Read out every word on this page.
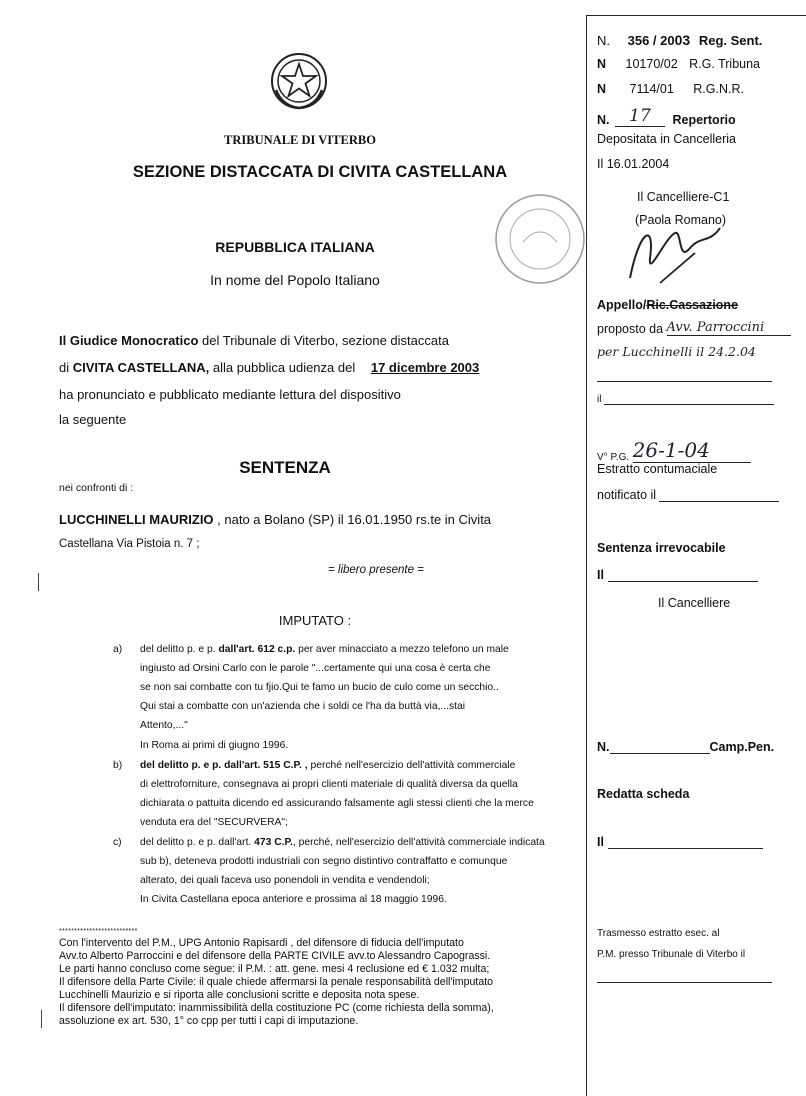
TRIBUNALE DI VITERBO
SEZIONE DISTACCATA DI CIVITA CASTELLANA
REPUBBLICA ITALIANA
In nome del Popolo Italiano
Il Giudice Monocratico del Tribunale di Viterbo, sezione distaccata
di CIVITA CASTELLANA, alla pubblica udienza del 17 dicembre 2003
ha pronunciato e pubblicato mediante lettura del dispositivo
la seguente
SENTENZA
nei confronti di :
LUCCHINELLI MAURIZIO , nato a Bolano (SP) il 16.01.1950 rs.te in Civita
Castellana Via Pistoia n. 7 ;
= libero presente =
IMPUTATO :
a) del delitto p. e p. dall'art. 612 c.p. per aver minacciato a mezzo telefono un male
ingiusto ad Orsini Carlo con le parole "...certamente qui una cosa è certa che
se non sai combatte con tu fjio.Qui te famo un bucio de culo come un secchio..
Qui stai a combatte con un'azienda che i soldi ce l'ha da buttà via,...stai
Attento,..."
In Roma ai primi di giugno 1996.
b) del delitto p. e p. dall'art. 515 C.P. , perché nell'esercizio dell'attività commerciale
di elettroforniture, consegnava ai propri clienti materiale di qualità diversa da quella
dichiarata o pattuita dicendo ed assicurando falsamente agli stessi clienti che la merce
venduta era del "SECURVERA";
c) del delitto p. e p. dall'art. 473 C.P., perché, nell'esercizio dell'attività commerciale indicata
sub b), deteneva prodotti industriali con segno distintivo contraffatto e comunque
alterato, dei quali faceva uso ponendoli in vendita e vendendoli;
In Civita Castellana epoca anteriore e prossima al 18 maggio 1996.
**************************
Con l'intervento del P.M., UPG Antonio Rapisardi , del difensore di fiducia dell'imputato
Avv.to Alberto Parroccini e del difensore della PARTE CIVILE avv.to Alessandro Capograssi.
Le parti hanno concluso come segue: il P.M. : att. gene. mesi 4 reclusione ed € 1.032 multa;
Il difensore della Parte Civile: il quale chiede affermarsi la penale responsabilità dell'imputato
Lucchinelli Maurizio e si riporta alle conclusioni scritte e deposita nota spese.
Il difensore dell'imputato: inammissibilità della costituzione PC (come richiesta della somma),
assoluzione ex art. 530, 1° co cpp per tutti i capi di imputazione.
N. 356 / 2003 Reg. Sent.
N 10170/02 R.G. Tribuna
N 7114/01 R.G.N.R.
N. 17 Repertorio
Depositata in Cancelleria
Il 16.01.2004
Il Cancelliere-C1
(Paola Romano)
Appello/Ric.Cassazione
proposto da Avv. Parroccini
per Lucchinelli il 24.2.04
il
V° P.G. 26-1-04
Estratto contumaciale
notificato il
Sentenza irrevocabile
Il
Il Cancelliere
N.	Camp.Pen.
Redatta scheda
Il
Trasmesso estratto esec. al
P.M. presso Tribunale di Viterbo il
